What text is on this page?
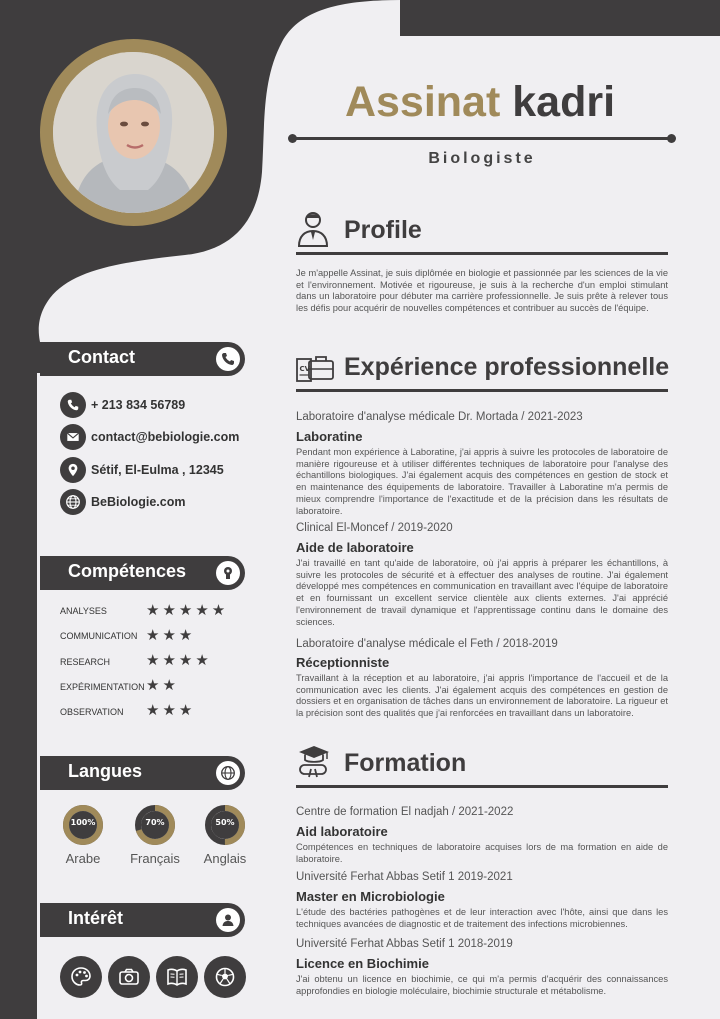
Contact
+ 213 834 56789
contact@bebiologie.com
Sétif, El-Eulma , 12345
BeBiologie.com
Compétences
ANALYSES	★★★★★
COMMUNICATION ★★★
RESEARCH ★★★★
EXPÉRIMENTATION ★★
OBSERVATION ★★★
Langues
100%
Arabe
70%
Français
50%
Anglais
Intérêt
Assinat kadri
Biologiste
Profile
Je m'appelle Assinat, je suis diplômée en biologie et passionnée par les sciences de la vie et l'environnement. Motivée et rigoureuse, je suis à la recherche d'un emploi stimulant dans un laboratoire pour débuter ma carrière professionnelle. Je suis prête à relever tous les défis pour acquérir de nouvelles compétences et contribuer au succès de l'équipe.
CV Expérience professionnelle
Laboratoire d'analyse médicale Dr. Mortada / 2021-2023
Laboratine
Pendant mon expérience à Laboratine, j'ai appris à suivre les protocoles de laboratoire de manière rigoureuse et à utiliser différentes techniques de laboratoire pour l'analyse des échantillons biologiques. J'ai également acquis des compétences en gestion de stock et en maintenance des équipements de laboratoire. Travailler à Laboratine m'a permis de mieux comprendre l'importance de l'exactitude et de la précision dans les résultats de laboratoire.
Clinical El-Moncef / 2019-2020
Aide de laboratoire
J'ai travaillé en tant qu'aide de laboratoire, où j'ai appris à préparer les échantillons, à suivre les protocoles de sécurité et à effectuer des analyses de routine. J'ai également développé mes compétences en communication en travaillant avec l'équipe de laboratoire et en fournissant un excellent service clientèle aux clients externes. J'ai apprécié l'environnement de travail dynamique et l'apprentissage continu dans le domaine des sciences.
Laboratoire d'analyse médicale el Feth / 2018-2019
Réceptionniste
Travaillant à la réception et au laboratoire, j'ai appris l'importance de l'accueil et de la communication avec les clients. J'ai également acquis des compétences en gestion de dossiers et en organisation de tâches dans un environnement de laboratoire. La rigueur et la précision sont des qualités que j'ai renforcées en travaillant dans un laboratoire.
Formation
Centre de formation El nadjah / 2021-2022
Aid laboratoire
Compétences en techniques de laboratoire acquises lors de ma formation en aide de laboratoire.
Université Ferhat Abbas Setif 1 2019-2021
Master en Microbiologie
L'étude des bactéries pathogènes et de leur interaction avec l'hôte, ainsi que dans les techniques avancées de diagnostic et de traitement des infections microbiennes.
Université Ferhat Abbas Setif 1 2018-2019
Licence en Biochimie
J'ai obtenu un licence en biochimie, ce qui m'a permis d'acquérir des connaissances approfondies en biologie moléculaire, biochimie structurale et métabolisme.
